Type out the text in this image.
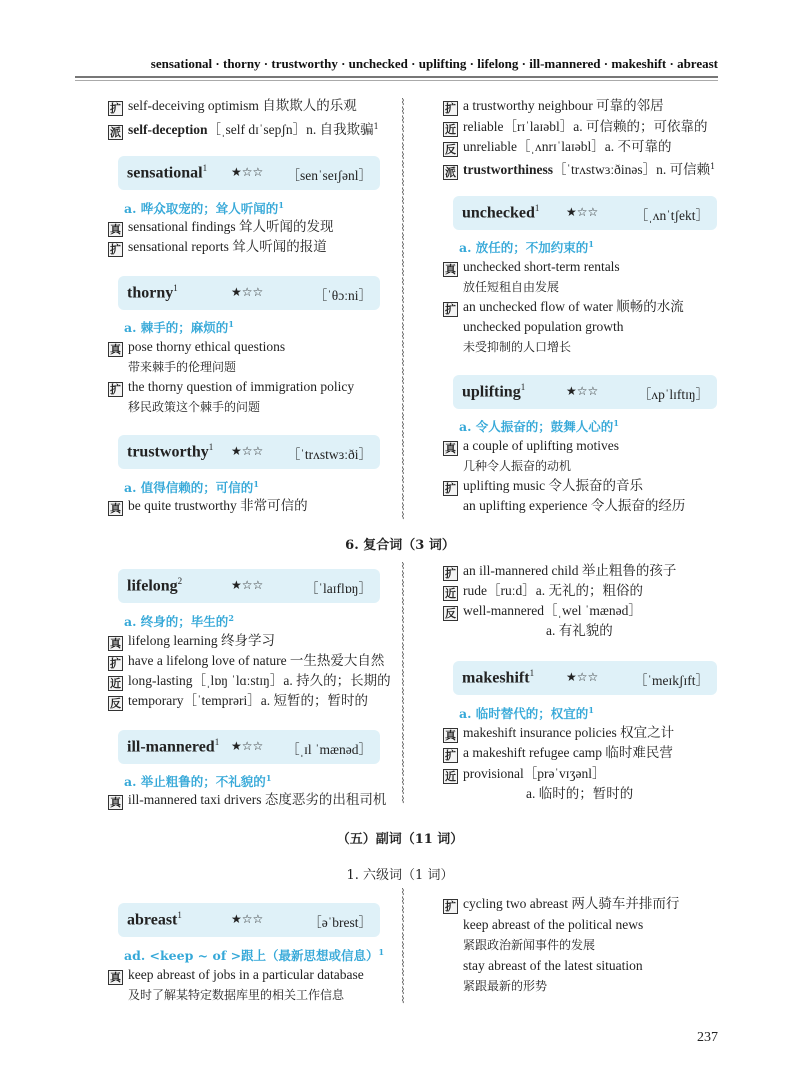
sensational · thorny · trustworthy · unchecked · uplifting · lifelong · ill-mannered · makeshift · abreast
⌇
⌇
⌇
⌇
⌇
⌇
⌇
⌇
⌇
⌇
⌇
⌇
⌇
⌇
⌇
⌇
⌇
⌇
⌇
⌇
⌇
⌇
⌇
⌇
⌇
⌇
⌇
⌇
⌇
⌇
⌇
⌇
⌇
⌇
⌇
⌇
⌇
⌇
⌇
⌇
⌇
⌇
⌇
⌇
⌇
⌇
⌇

⌇
⌇
⌇
⌇
⌇
⌇
⌇
⌇
⌇
⌇
⌇
⌇
⌇
⌇
⌇
⌇
⌇
⌇
⌇
⌇
⌇
⌇
⌇
⌇
⌇
⌇
⌇

⌇
⌇
⌇
⌇
⌇
⌇
⌇
⌇
⌇
⌇
⌇
⌇
⌇

扩 self-deceiving optimism 自欺欺人的乐观
派 self-deception［ˌself dɪˈsepʃn］n. 自我欺骗$^1$
sensational$^1$ ★☆☆ ［senˈseɪʃənl］
a. 哗众取宠的；耸人听闻的$^1$
真 sensational findings 耸人听闻的发现
扩 sensational reports 耸人听闻的报道
thorny$^1$	★☆☆	［ˈθɔːni］
a. 棘手的；麻烦的$^1$
真 pose thorny ethical questions
带来棘手的伦理问题
扩 the thorny question of immigration policy
移民政策这个棘手的问题
trustworthy$^1$ ★☆☆ ［ˈtrʌstwɜːði］
a. 值得信赖的；可信的$^1$
真 be quite trustworthy 非常可信的
扩 a trustworthy neighbour 可靠的邻居
近 reliable［rɪˈlaɪəbl］a. 可信赖的；可依靠的
反 unreliable［ˌʌnrɪˈlaɪəbl］a. 不可靠的
派 trustworthiness［ˈtrʌstwɜːðinəs］n. 可信赖$^1$
unchecked$^1$ ★☆☆	［ˌʌnˈtʃekt］
a. 放任的；不加约束的$^1$
真 unchecked short-term rentals
放任短租自由发展
扩 an unchecked flow of water 顺畅的水流
unchecked population growth
未受抑制的人口增长
uplifting$^1$	★☆☆	［ʌpˈlɪftɪŋ］
a. 令人振奋的；鼓舞人心的$^1$
真 a couple of uplifting motives
几种令人振奋的动机
扩 uplifting music 令人振奋的音乐
an uplifting experience 令人振奋的经历
6. 复合词（3 词）
lifelong$^2$	★☆☆	［ˈlaɪflɒŋ］
a. 终身的；毕生的$^2$
真 lifelong learning 终身学习
扩 have a lifelong love of nature 一生热爱大自然
近 long-lasting［ˌlɒŋ ˈlɑːstɪŋ］a. 持久的；长期的
反 temporary［ˈtemprəri］a. 短暂的；暂时的
ill-mannered$^1$ ★☆☆ ［ˌɪl ˈmænəd］
a. 举止粗鲁的；不礼貌的$^1$
真 ill-mannered taxi drivers 态度恶劣的出租司机
扩 an ill-mannered child 举止粗鲁的孩子
近 rude［ruːd］a. 无礼的；粗俗的
反 well-mannered［ˌwel ˈmænəd］
a. 有礼貌的
makeshift$^1$	★☆☆	［ˈmeɪkʃɪft］
a. 临时替代的；权宜的$^1$
真 makeshift insurance policies 权宜之计
扩 a makeshift refugee camp 临时难民营
近 provisional［prəˈvɪʒənl］
a. 临时的；暂时的
（五）副词（11 词）
1. 六级词（1 词）
abreast$^1$	★☆☆	［əˈbrest］
ad. <keep ~ of >跟上（最新思想或信息）$^1$
真 keep abreast of jobs in a particular database
及时了解某特定数据库里的相关工作信息
扩 cycling two abreast 两人骑车并排而行
keep abreast of the political news
紧跟政治新闻事件的发展
stay abreast of the latest situation
紧跟最新的形势
237
